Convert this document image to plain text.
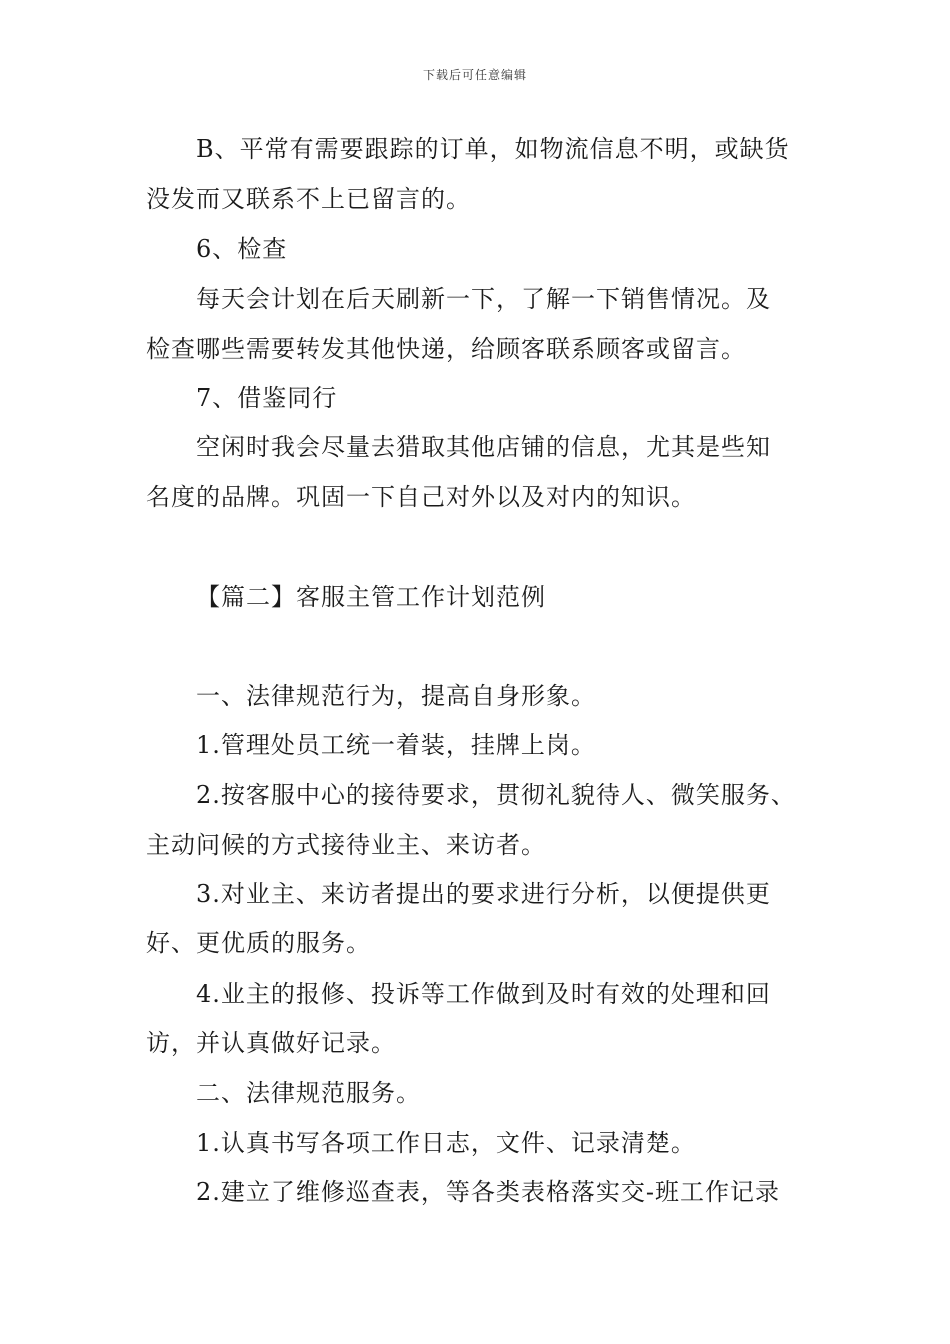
下载后可任意编辑
B、平常有需要跟踪的订单，如物流信息不明，或缺货
没发而又联系不上已留言的。
6、检查
每天会计划在后天刷新一下，了解一下销售情况。及
检查哪些需要转发其他快递，给顾客联系顾客或留言。
7、借鉴同行
空闲时我会尽量去猎取其他店铺的信息，尤其是些知
名度的品牌。巩固一下自己对外以及对内的知识。
【篇二】客服主管工作计划范例
一、法律规范行为，提高自身形象。
1.管理处员工统一着装，挂牌上岗。
2.按客服中心的接待要求，贯彻礼貌待人、微笑服务、
主动问候的方式接待业主、来访者。
3.对业主、来访者提出的要求进行分析，以便提供更
好、更优质的服务。
4.业主的报修、投诉等工作做到及时有效的处理和回
访，并认真做好记录。
二、法律规范服务。
1.认真书写各项工作日志，文件、记录清楚。
2.建立了维修巡查表，等各类表格落实交-班工作记录
